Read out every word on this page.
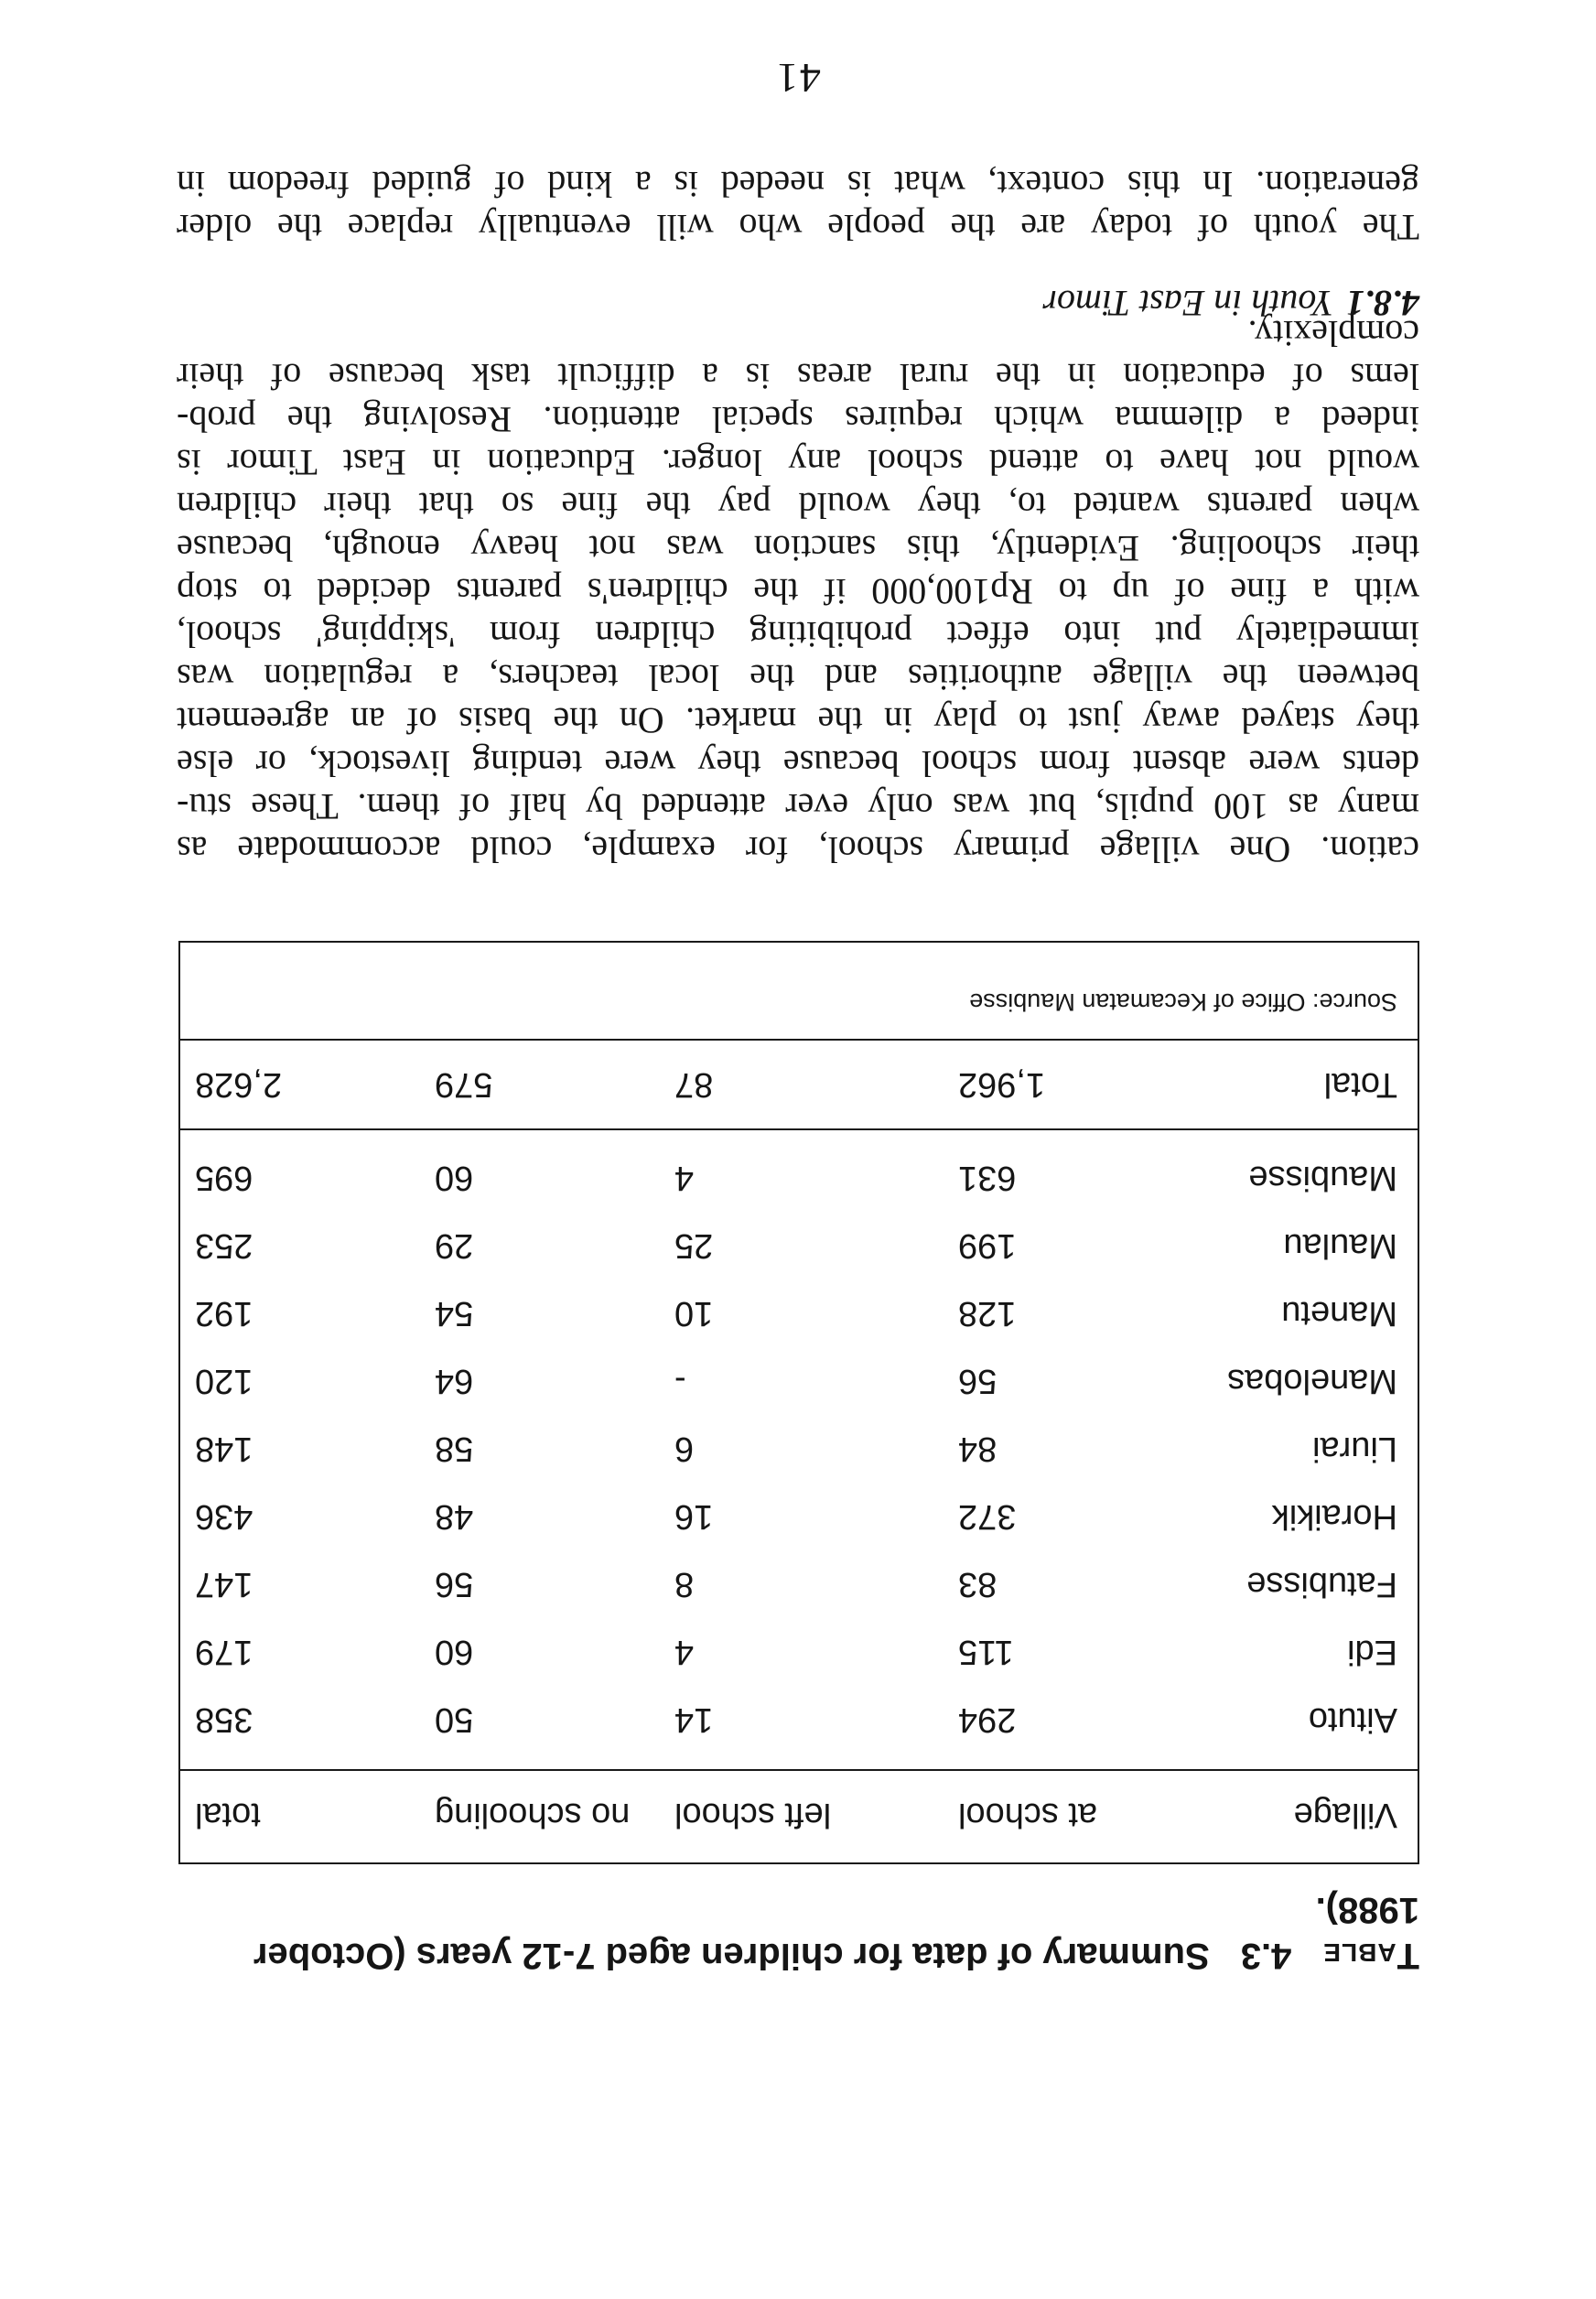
Table4.3Summary of data for children aged 7-12 years (October 1988).
Village
at school
left school
no schooling
total
Aituto
294
14
50
358
Edi
115
4
60
179
Fatubisse
83
8
56
147
Horaikik
372
16
48
436
Liurai
84
6
58
148
Manelobas
56
-
64
120
Manetu
128
10
54
192
Maulau
199
25
29
253
Maubisse
631
4
60
695
Total
1,962
87
579
2,628
Source: Office of Kecamatan Maubisse

cation. One village primary school, for example, could accommodate as
many as 100 pupils, but was only ever attended by half of them. These stu-
dents were absent from school because they were tending livestock, or else
they stayed away just to play in the market. On the basis of an agreement
between the village authorities and the local teachers, a regulation was
immediately put into effect prohibiting children from 'skipping' school,
with a fine of up to Rp100,000 if the children's parents decided to stop
their schooling. Evidently, this sanction was not heavy enough, because
when parents wanted to, they would pay the fine so that their children
would not have to attend school any longer. Education in East Timor is
indeed a dilemma which requires special attention. Resolving the prob-
lems of education in the rural areas is a difficult task because of their
complexity.

4.8.1Youth in East Timor

The youth of today are the people who will eventually replace the older
generation. In this context, what is needed is a kind of guided freedom in

41
